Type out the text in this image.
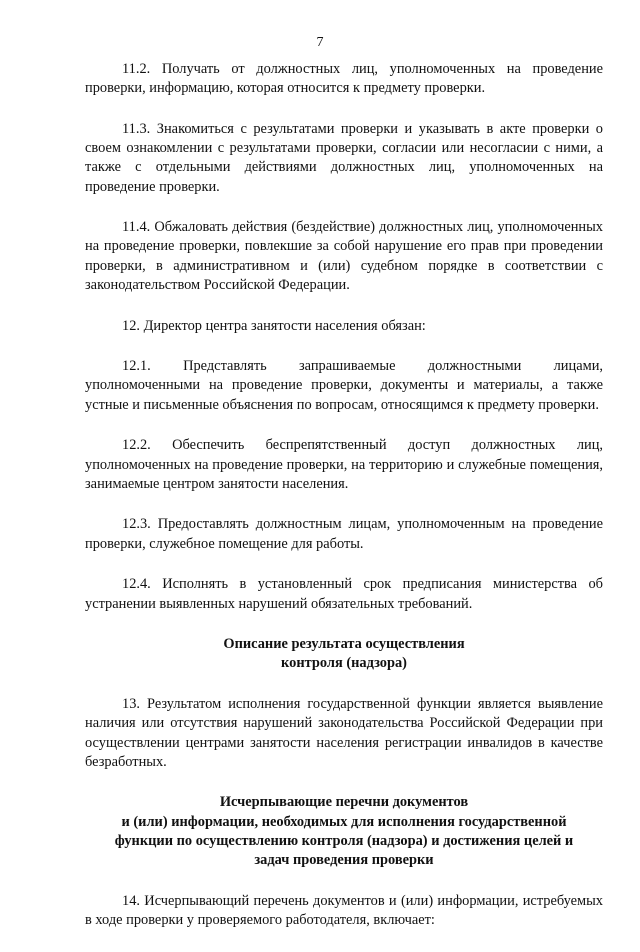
7

11.2. Получать от должностных лиц, уполномоченных на проведение проверки, информацию, которая относится к предмету проверки.

11.3. Знакомиться с результатами проверки и указывать в акте проверки о своем ознакомлении с результатами проверки, согласии или несогласии с ними, а также с отдельными действиями должностных лиц, уполномоченных на проведение проверки.

11.4. Обжаловать действия (бездействие) должностных лиц, уполномоченных на проведение проверки, повлекшие за собой нарушение его прав при проведении проверки, в административном и (или) судебном порядке в соответствии с законодательством Российской Федерации.

12. Директор центра занятости населения обязан:

12.1. Представлять запрашиваемые должностными лицами, уполномоченными на проведение проверки, документы и материалы, а также устные и письменные объяснения по вопросам, относящимся к предмету проверки.

12.2. Обеспечить беспрепятственный доступ должностных лиц, уполномоченных на проведение проверки, на территорию и служебные помещения, занимаемые центром занятости населения.

12.3. Предоставлять должностным лицам, уполномоченным на проведение проверки, служебное помещение для работы.

12.4. Исполнять в установленный срок предписания министерства об устранении выявленных нарушений обязательных требований.

Описание результата осуществления
контроля (надзора)

13. Результатом исполнения государственной функции является выявление наличия или отсутствия нарушений законодательства Российской Федерации при осуществлении центрами занятости населения регистрации инвалидов в качестве безработных.

Исчерпывающие перечни документов
и (или) информации, необходимых для исполнения государственной
функции по осуществлению контроля (надзора) и достижения целей и
задач проведения проверки

14. Исчерпывающий перечень документов и (или) информации, истребуемых в ходе проверки у проверяемого работодателя, включает:
